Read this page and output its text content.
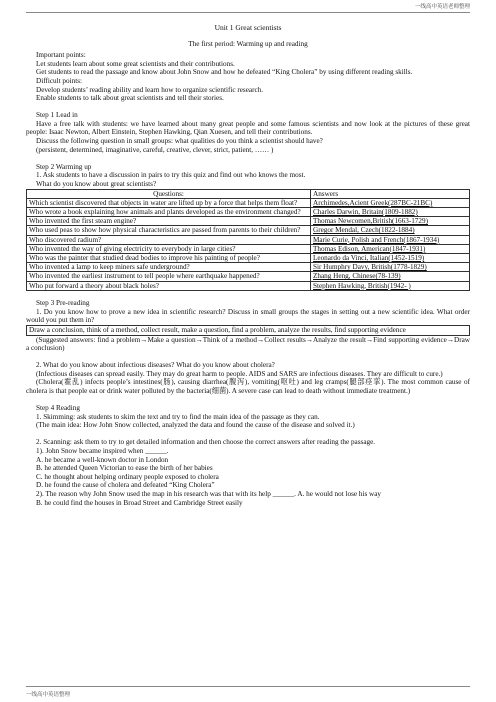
一线高中英语老师整理

Unit 1 Great scientists

The first period: Warming up and reading

Important points:

Let students learn about some great scientists and their contributions.

Get students to read the passage and know about John Snow and how he defeated “King Cholera” by using different reading skills.

Difficult points:

Develop students’ reading ability and learn how to organize scientific research.

Enable students to talk about great scientists and tell their stories.

Step 1 Lead in

Have a free talk with students: we have learned about many great people and some famous scientists and now look at the pictures of these great people: Isaac Newton, Albert Einstein, Stephen Hawking, Qian Xuesen, and tell their contributions.

Discuss the following question in small groups: what qualities do you think a scientist should have?

(persistent, determined, imaginative, careful, creative, clever, strict, patient, …… )

Step 2 Warming up

1. Ask students to have a discussion in pairs to try this quiz and find out who knows the most.

What do you know about great scientists?

Questions:	Answers
Which scientist discovered that objects in water are lifted up by a force that helps them float?	Archimedes,Acient Greek(287BC-21BC)
Who wrote a book explaining how animals and plants developed as the environment changed?	Charles Darwin, Britain(1809-1882)
Who invented the first steam engine?	Thomas Newcomen,British(1663-1729)
Who used peas to show how physical characteristics are passed from parents to their children?	Gregor Mendal, Czech(1822-1884)
Who discovered radium?	Marie Curie, Polish and French(1867-1934)
Who invented the way of giving electricity to everybody in large cities?	Thomas Edison, American(1847-1931)
Who was the painter that studied dead bodies to improve his painting of people?	Leonardo da Vinci, Italian(1452-1519)
Who invented a lamp to keep miners safe underground?	Sir Humphry Davy, British(1778-1829)
Who invented the earliest instrument to tell people where earthquake happened?	Zhang Heng, Chinese(78-139)
Who put forward a theory about black holes?	Stephen Hawking, British(1942- )

Step 3 Pre-reading

1. Do you know how to prove a new idea in scientific research? Discuss in small groups the stages in setting out a new scientific idea. What order would you put them in?

Draw a conclusion, think of a method, collect result, make a question, find a problem, analyze the results, find supporting evidence

(Suggested answers: find a problem→Make a question→Think of a method→Collect results→Analyze the result→Find supporting evidence→Draw a conclusion)

2. What do you know about infectious diseases? What do you know about cholera?

(Infectious diseases can spread easily. They may do great harm to people. AIDS and SARS are infectious diseases. They are difficult to cure.)

(Cholera(霍乱) infects people’s intestines(肠), causing diarrhea(腹泻), vomiting(呕吐) and leg cramps(腿部痉挛). The most common cause of cholera is that people eat or drink water polluted by the bacteria(细菌). A severe case can lead to death without immediate treatment.)

Step 4 Reading

1. Skimming: ask students to skim the text and try to find the main idea of the passage as they can.

(The main idea: How John Snow collected, analyzed the data and found the cause of the disease and solved it.)

2. Scanning: ask them to try to get detailed information and then choose the correct answers after reading the passage.

1). John Snow became inspired when ______.

A. he became a well-known doctor in London

B. he attended Queen Victorian to ease the birth of her babies

C. he thought about helping ordinary people exposed to cholera

D. he found the cause of cholera and defeated “King Cholera”

2). The reason why John Snow used the map in his research was that with its help ______. A. he would not lose his way

B. he could find the houses in Broad Street and Cambridge Street easily

一线高中英语整理
